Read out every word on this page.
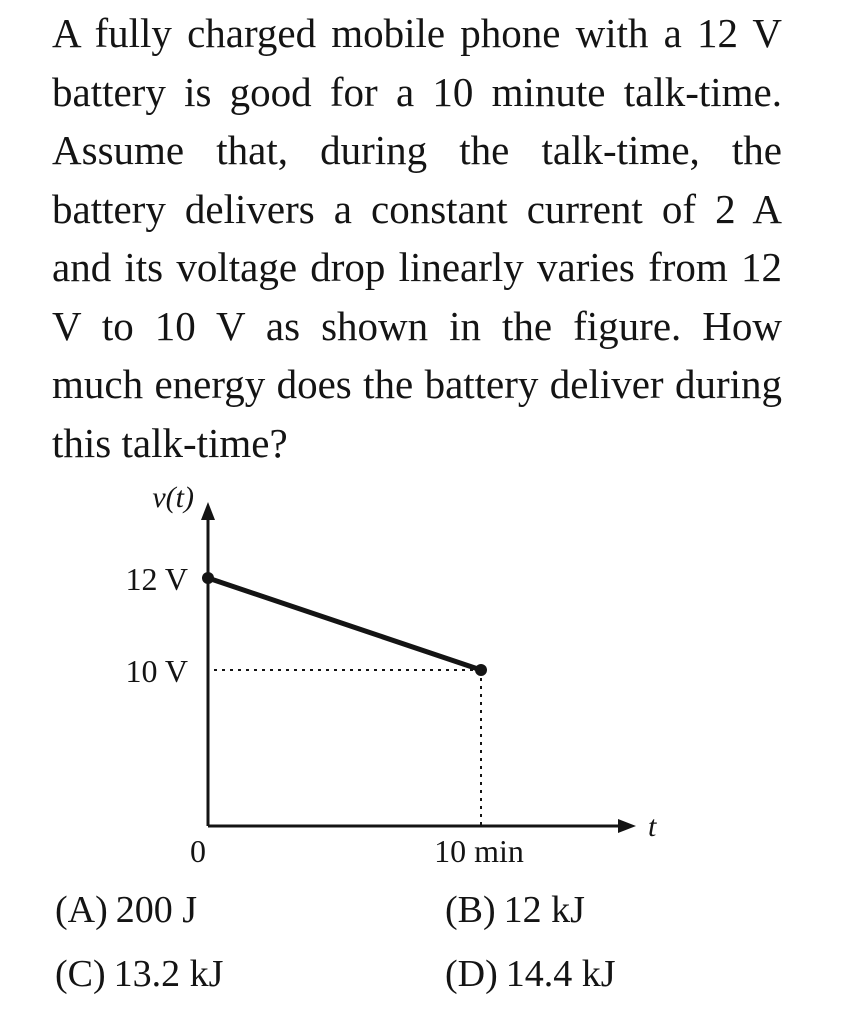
A fully charged mobile phone with a 12 V battery is good for a 10 minute talk-time. Assume that, during the talk-time, the battery delivers a constant current of 2 A and its voltage drop linearly varies from 12 V to 10 V as shown in the figure. How much energy does the battery deliver during this talk-time?
v(t)
t
12 V
10 V
0	10 min
(A) 200 J	(B) 12 kJ
(C) 13.2 kJ	(D) 14.4 kJ
